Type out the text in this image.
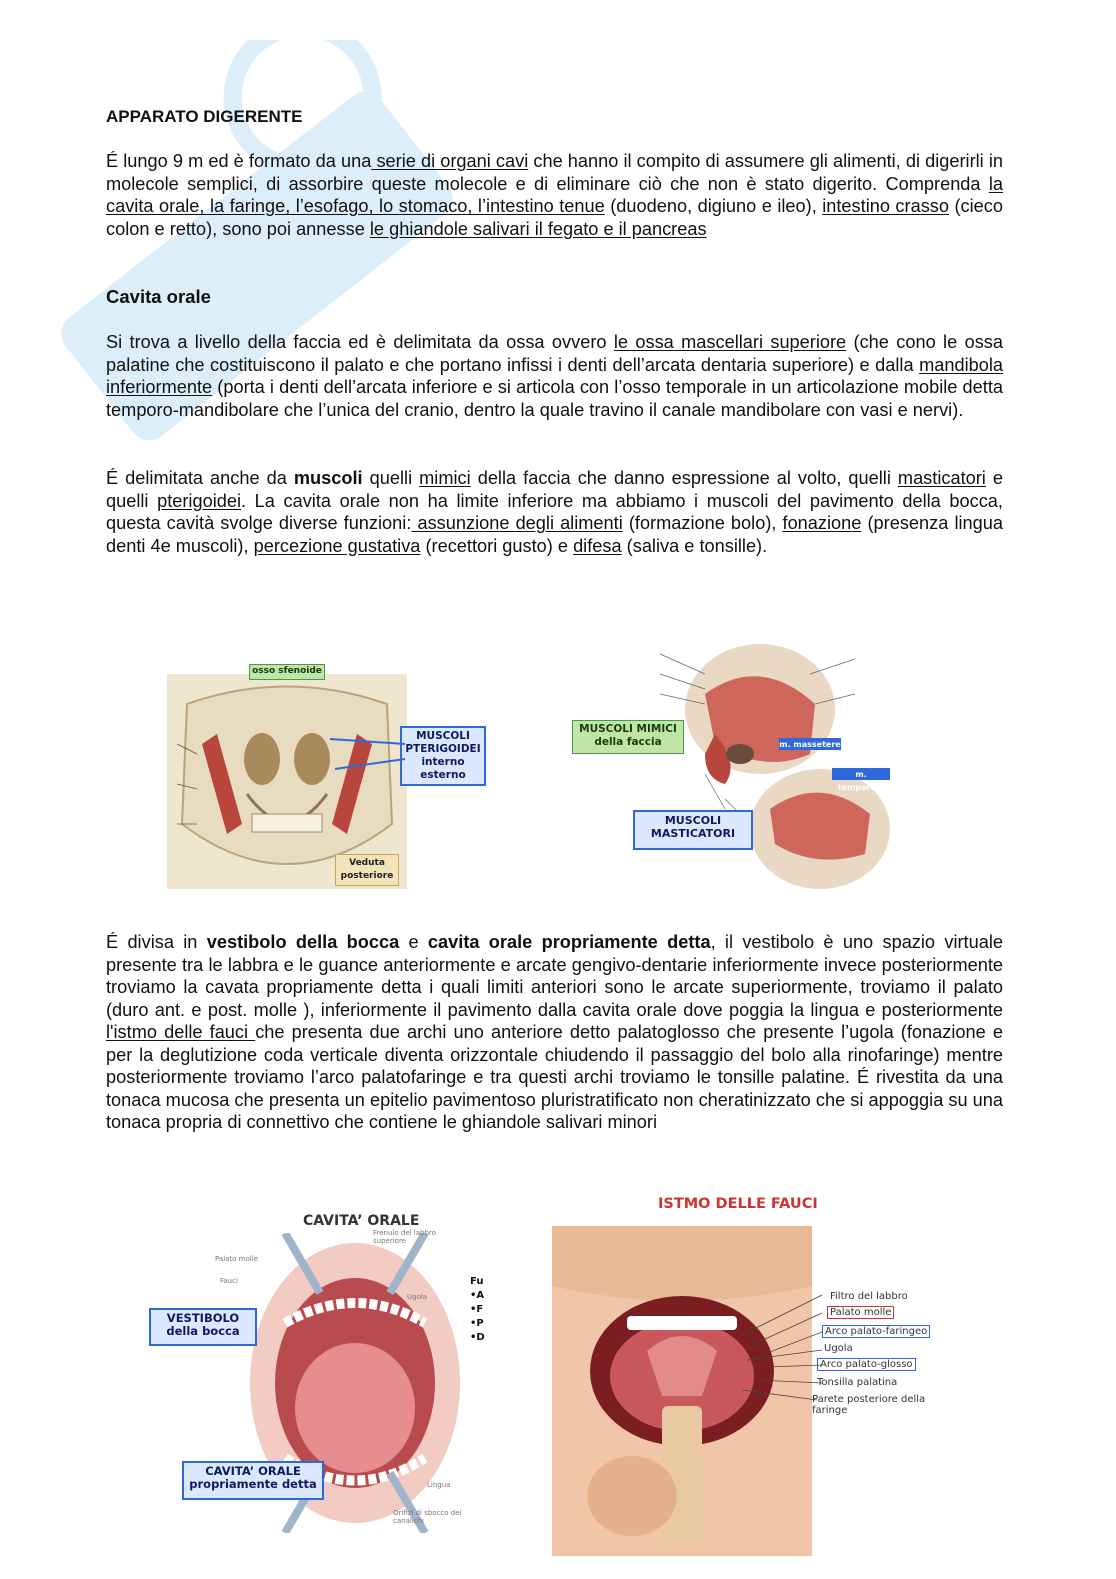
APPARATO DIGERENTE

É lungo 9 m ed è formato da una serie di organi cavi che hanno il compito di assumere gli alimenti, di digerirli in molecole semplici, di assorbire queste molecole e di eliminare ciò che non è stato digerito. Comprenda la cavita orale, la faringe, l’esofago, lo stomaco, l’intestino tenue (duodeno, digiuno e ileo), intestino crasso (cieco colon e retto), sono poi annesse le ghiandole salivari il fegato e il pancreas

Cavita orale

Si trova a livello della faccia ed è delimitata da ossa ovvero le ossa mascellari superiore (che cono le ossa palatine che costituiscono il palato e che portano infissi i denti dell’arcata dentaria superiore) e dalla mandibola inferiormente (porta i denti dell’arcata inferiore e si articola con l’osso temporale in un articolazione mobile detta temporo-mandibolare che l’unica del cranio, dentro la quale travino il canale mandibolare con vasi e nervi).

É delimitata anche da muscoli quelli mimici della faccia che danno espressione al volto, quelli masticatori e quelli pterigoidei. La cavita orale non ha limite inferiore ma abbiamo i muscoli del pavimento della bocca, questa cavità svolge diverse funzioni: assunzione degli alimenti (formazione bolo), fonazione (presenza lingua denti 4e muscoli), percezione gustativa (recettori gusto) e difesa (saliva e tonsille).

osso sfenoide
MUSCOLI PTERIGOIDEI interno esterno
Veduta posteriore
MUSCOLI MIMICI della faccia	m. massetere
m. temporale
MUSCOLI MASTICATORI

É divisa in vestibolo della bocca e cavita orale propriamente detta, il vestibolo è uno spazio virtuale presente tra le labbra e le guance anteriormente e arcate gengivo-dentarie inferiormente invece posteriormente troviamo la cavata propriamente detta i quali limiti anteriori sono le arcate superiormente, troviamo il palato (duro ant. e post. molle ), inferiormente il pavimento dalla cavita orale dove poggia la lingua e posteriormente l'istmo delle fauci che presenta due archi uno anteriore detto palatoglosso che presente l’ugola (fonazione e per la deglutizione coda verticale diventa orizzontale chiudendo il passaggio del bolo alla rinofaringe) mentre posteriormente troviamo l’arco palatofaringe e tra questi archi troviamo le tonsille palatine. É rivestita da una tonaca mucosa che presenta un epitelio pavimentoso pluristratificato non cheratinizzato che si appoggia su una tonaca propria di connettivo che contiene le ghiandole salivari minori

CAVITA’ ORALE
VESTIBOLO della bocca
CAVITA’ ORALE propriamente detta
Frenulo del labbro superiore
Palato molle
Fauci
Ugola
Lingua
Orifizi di sbocco dei canalichi
Fu
•A
•F
•P
•D
ISTMO DELLE FAUCI
Filtro del labbro
Palato molle
Arco palato-faringeo
Ugola
Arco palato-glosso
Tonsilla palatina
Parete posteriore della faringe
